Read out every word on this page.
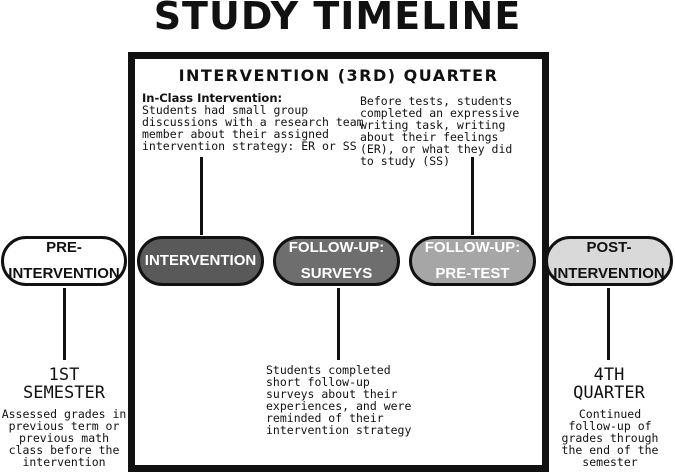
STUDY TIMELINE
INTERVENTION (3RD) QUARTER
In-Class Intervention:
Students had small group discussions with a research team member about their assigned intervention strategy: ER or SS
Before tests, students completed an expressive writing task, writing about their feelings (ER), or what they did to study (SS)
PRE-
INTERVENTION
INTERVENTION
FOLLOW-UP:
SURVEYS
FOLLOW-UP:
PRE-TEST
POST-
INTERVENTION
1ST
SEMESTER
Assessed grades in previous term or previous math class before the intervention
Students completed short follow-up surveys about their experiences, and were reminded of their intervention strategy
4TH
QUARTER
Continued follow-up of grades through the end of the semester
